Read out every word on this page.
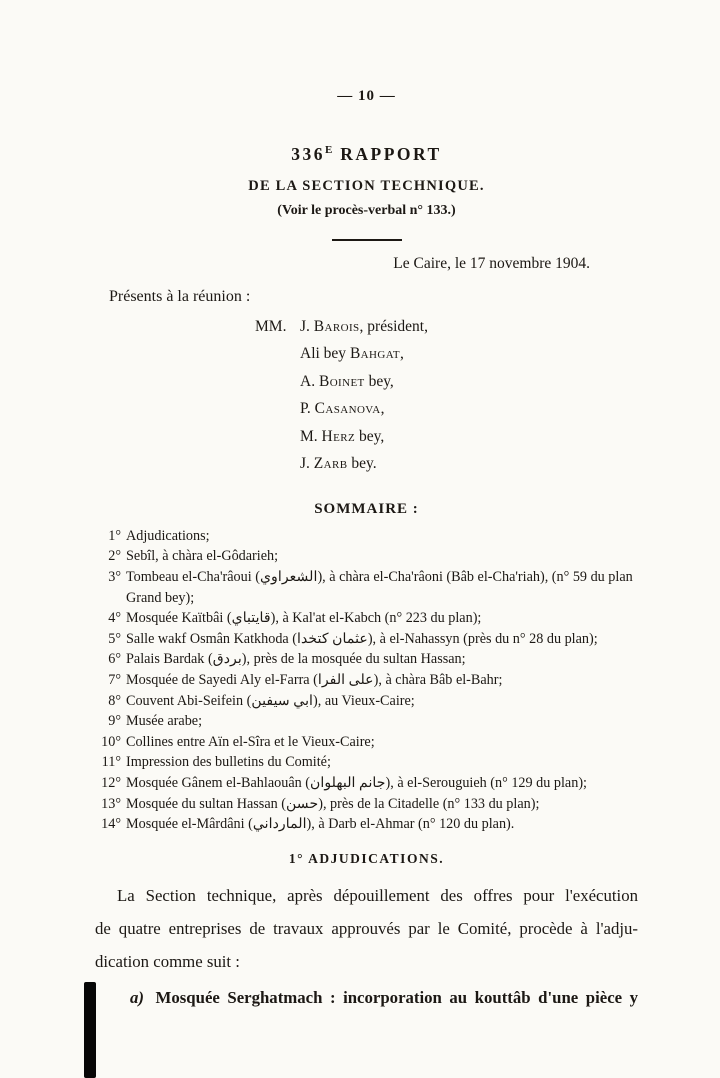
— 10 —
$336^E$ RAPPORT
DE LA SECTION TECHNIQUE.
(Voir le procès-verbal n° 133.)
Le Caire, le 17 novembre 1904.
Présents à la réunion :
MM. J. Barois, président,
Ali bey Bahgat,
A. Boinet bey,
P. Casanova,
M. Herz bey,
J. Zarb bey.
SOMMAIRE :
1° Adjudications;
2° Sebîl, à chàra el-Gôdarieh;
3° Tombeau el-Cha'râoui (الشعراوي), à chàra el-Cha'râoni (Bâb el-Cha'riah), (n° 59 du plan Grand bey);
4° Mosquée Kaïtbâi (قايتباي), à Kal'at el-Kabch (n° 223 du plan);
5° Salle wakf Osmân Katkhoda (عثمان كتخدا), à el-Nahassyn (près du n° 28 du plan);
6° Palais Bardak (بردق), près de la mosquée du sultan Hassan;
7° Mosquée de Sayedi Aly el-Farra (على الفرا), à chàra Bâb el-Bahr;
8° Couvent Abi-Seifein (ابي سيفين), au Vieux-Caire;
9° Musée arabe;
10° Collines entre Aïn el-Sîra et le Vieux-Caire;
11° Impression des bulletins du Comité;
12° Mosquée Gânem el-Bahlaouân (جانم البهلوان), à el-Serouguieh (n° 129 du plan);
13° Mosquée du sultan Hassan (حسن), près de la Citadelle (n° 133 du plan);
14° Mosquée el-Mârdâni (المارداني), à Darb el-Ahmar (n° 120 du plan).
1° ADJUDICATIONS.
La Section technique, après dépouillement des offres pour l'exécution
de quatre entreprises de travaux approuvés par le Comité, procède à l'adju-
dication comme suit :
a) Mosquée Serghatmach : incorporation au kouttâb d'une pièce y
